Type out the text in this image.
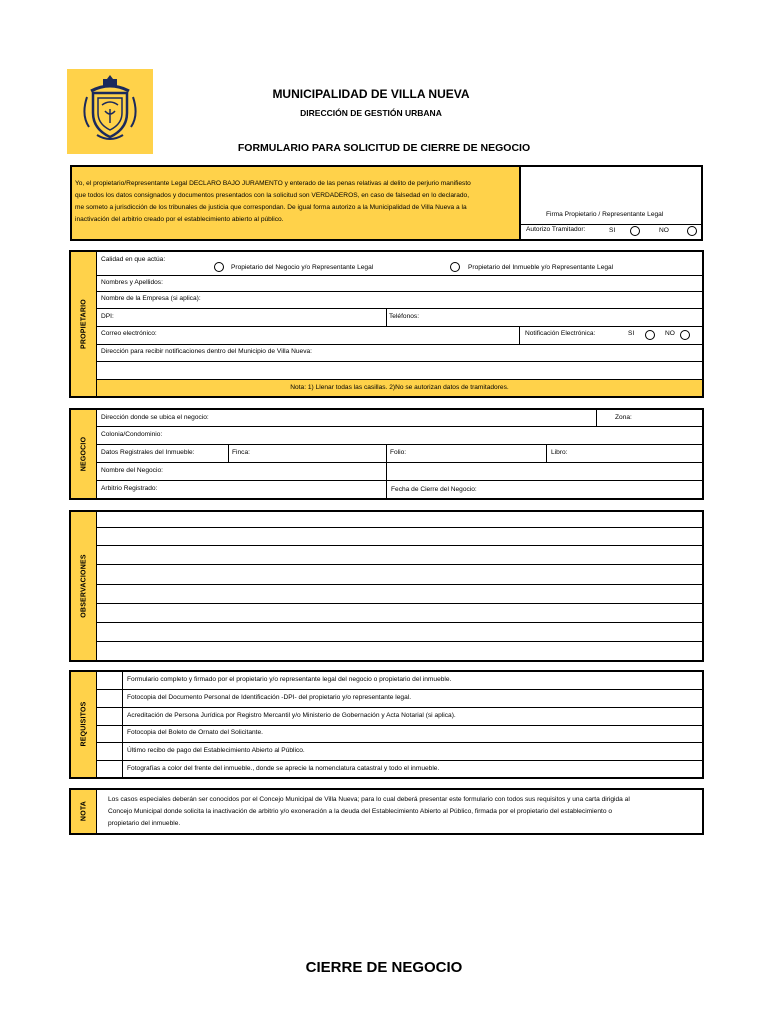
MUNICIPALIDAD DE VILLA NUEVA
DIRECCIÓN DE GESTIÓN URBANA
FORMULARIO PARA SOLICITUD DE CIERRE DE NEGOCIO
Yo, el propietario/Representante Legal DECLARO BAJO JURAMENTO y enterado de las penas relativas al delito de perjurio manifiesto
que todos los datos consignados y documentos presentados con la solicitud son VERDADEROS, en caso de falsedad en lo declarado,
me someto a jurisdicción de los tribunales de justicia que correspondan. De igual forma autorizo a la Municipalidad de Villa Nueva a la
inactivación del arbitrio creado por el establecimiento abierto al público.
Firma Propietario / Representante Legal
Autorizo Tramitador:	SI	NO
PROPIETARIO
Calidad en que actúa:
Propietario del Negocio y/o Representante Legal	Propietario del Inmueble y/o Representante Legal
Nombres y Apellidos:
Nombre de la Empresa (si aplica):
DPI:	Teléfonos:
Correo electrónico:	Notificación Electrónica:	SI	NO
Dirección para recibir notificaciones dentro del Municipio de Villa Nueva:
Nota: 1) Llenar todas las casillas. 2)No se autorizan datos de tramitadores.
NEGOCIO
Dirección donde se ubica el negocio:	Zona:
Colonia/Condominio:
Datos Registrales del Inmueble:	Finca:	Folio:	Libro:
Nombre del Negocio:
Arbitrio Registrado:	Fecha de Cierre del Negocio:
OBSERVACIONES
REQUISITOS
Formulario completo y firmado por el propietario y/o representante legal del negocio o propietario del inmueble.
Fotocopia del Documento Personal de Identificación -DPI- del propietario y/o representante legal.
Acreditación de Persona Jurídica por Registro Mercantil y/o Ministerio de Gobernación y Acta Notarial (si aplica).
Fotocopia del Boleto de Ornato del Solicitante.
Último recibo de pago del Establecimiento Abierto al Público.
Fotografías a color del frente del inmueble., donde se aprecie la nomenclatura catastral y todo el inmueble.
NOTA
Los casos especiales deberán ser conocidos por el Concejo Municipal de Villa Nueva; para lo cual deberá presentar este formulario con todos sus requisitos y una carta dirigida al
Concejo Municipal donde solicita la inactivación de arbitrio y/o exoneración a la deuda del Establecimiento Abierto al Público, firmada por el propietario del establecimiento o
propietario del inmueble.
CIERRE DE NEGOCIO
